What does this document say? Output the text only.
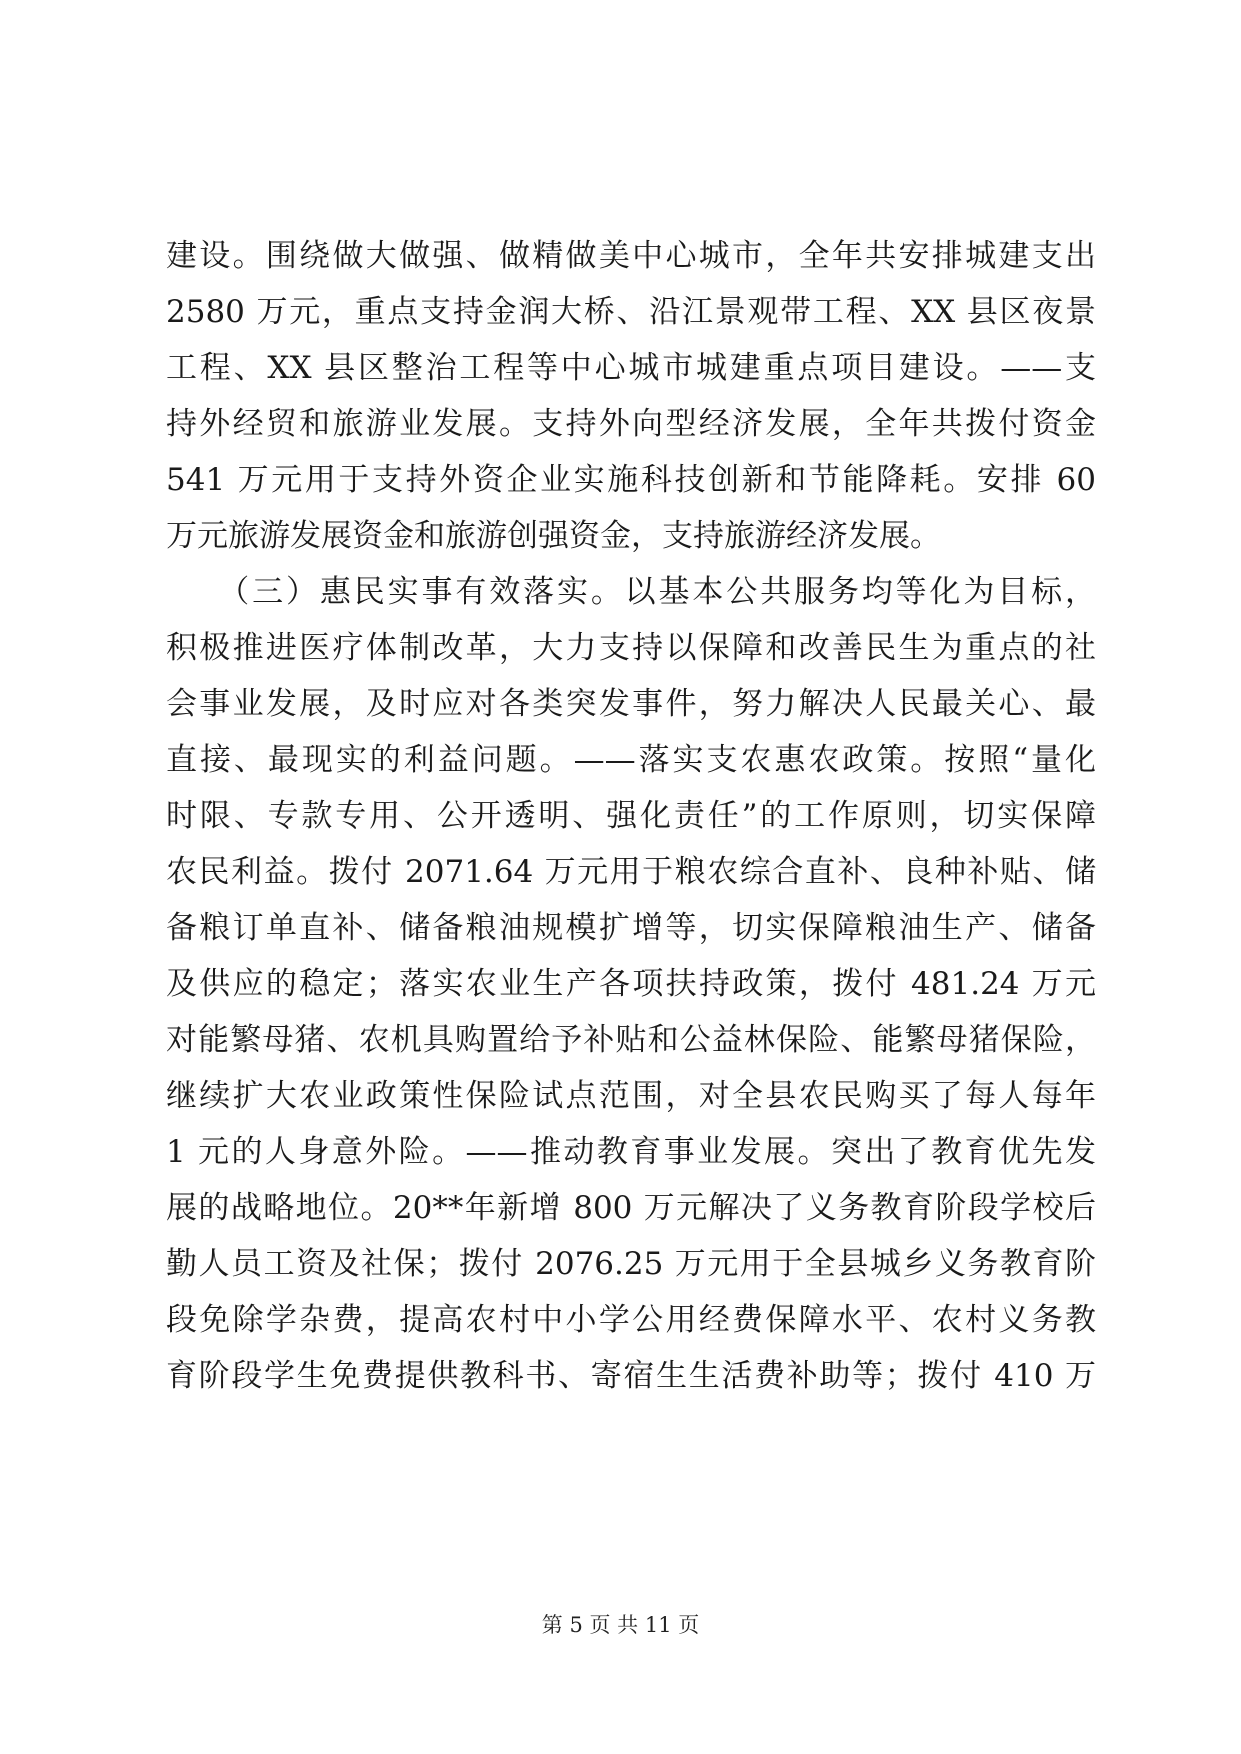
建设。围绕做大做强、做精做美中心城市，全年共安排城建支出
2580 万元，重点支持金润大桥、沿江景观带工程、XX 县区夜景
工程、XX 县区整治工程等中心城市城建重点项目建设。——支
持外经贸和旅游业发展。支持外向型经济发展，全年共拨付资金
541 万元用于支持外资企业实施科技创新和节能降耗。安排 60
万元旅游发展资金和旅游创强资金，支持旅游经济发展。
　　（三）惠民实事有效落实。以基本公共服务均等化为目标，
积极推进医疗体制改革，大力支持以保障和改善民生为重点的社
会事业发展，及时应对各类突发事件，努力解决人民最关心、最
直接、最现实的利益问题。——落实支农惠农政策。按照“量化
时限、专款专用、公开透明、强化责任”的工作原则，切实保障
农民利益。拨付 2071.64 万元用于粮农综合直补、良种补贴、储
备粮订单直补、储备粮油规模扩增等，切实保障粮油生产、储备
及供应的稳定；落实农业生产各项扶持政策，拨付 481.24 万元
对能繁母猪、农机具购置给予补贴和公益林保险、能繁母猪保险，
继续扩大农业政策性保险试点范围，对全县农民购买了每人每年
1 元的人身意外险。——推动教育事业发展。突出了教育优先发
展的战略地位。20**年新增 800 万元解决了义务教育阶段学校后
勤人员工资及社保；拨付 2076.25 万元用于全县城乡义务教育阶
段免除学杂费，提高农村中小学公用经费保障水平、农村义务教
育阶段学生免费提供教科书、寄宿生生活费补助等；拨付 410 万
第 5 页 共 11 页
